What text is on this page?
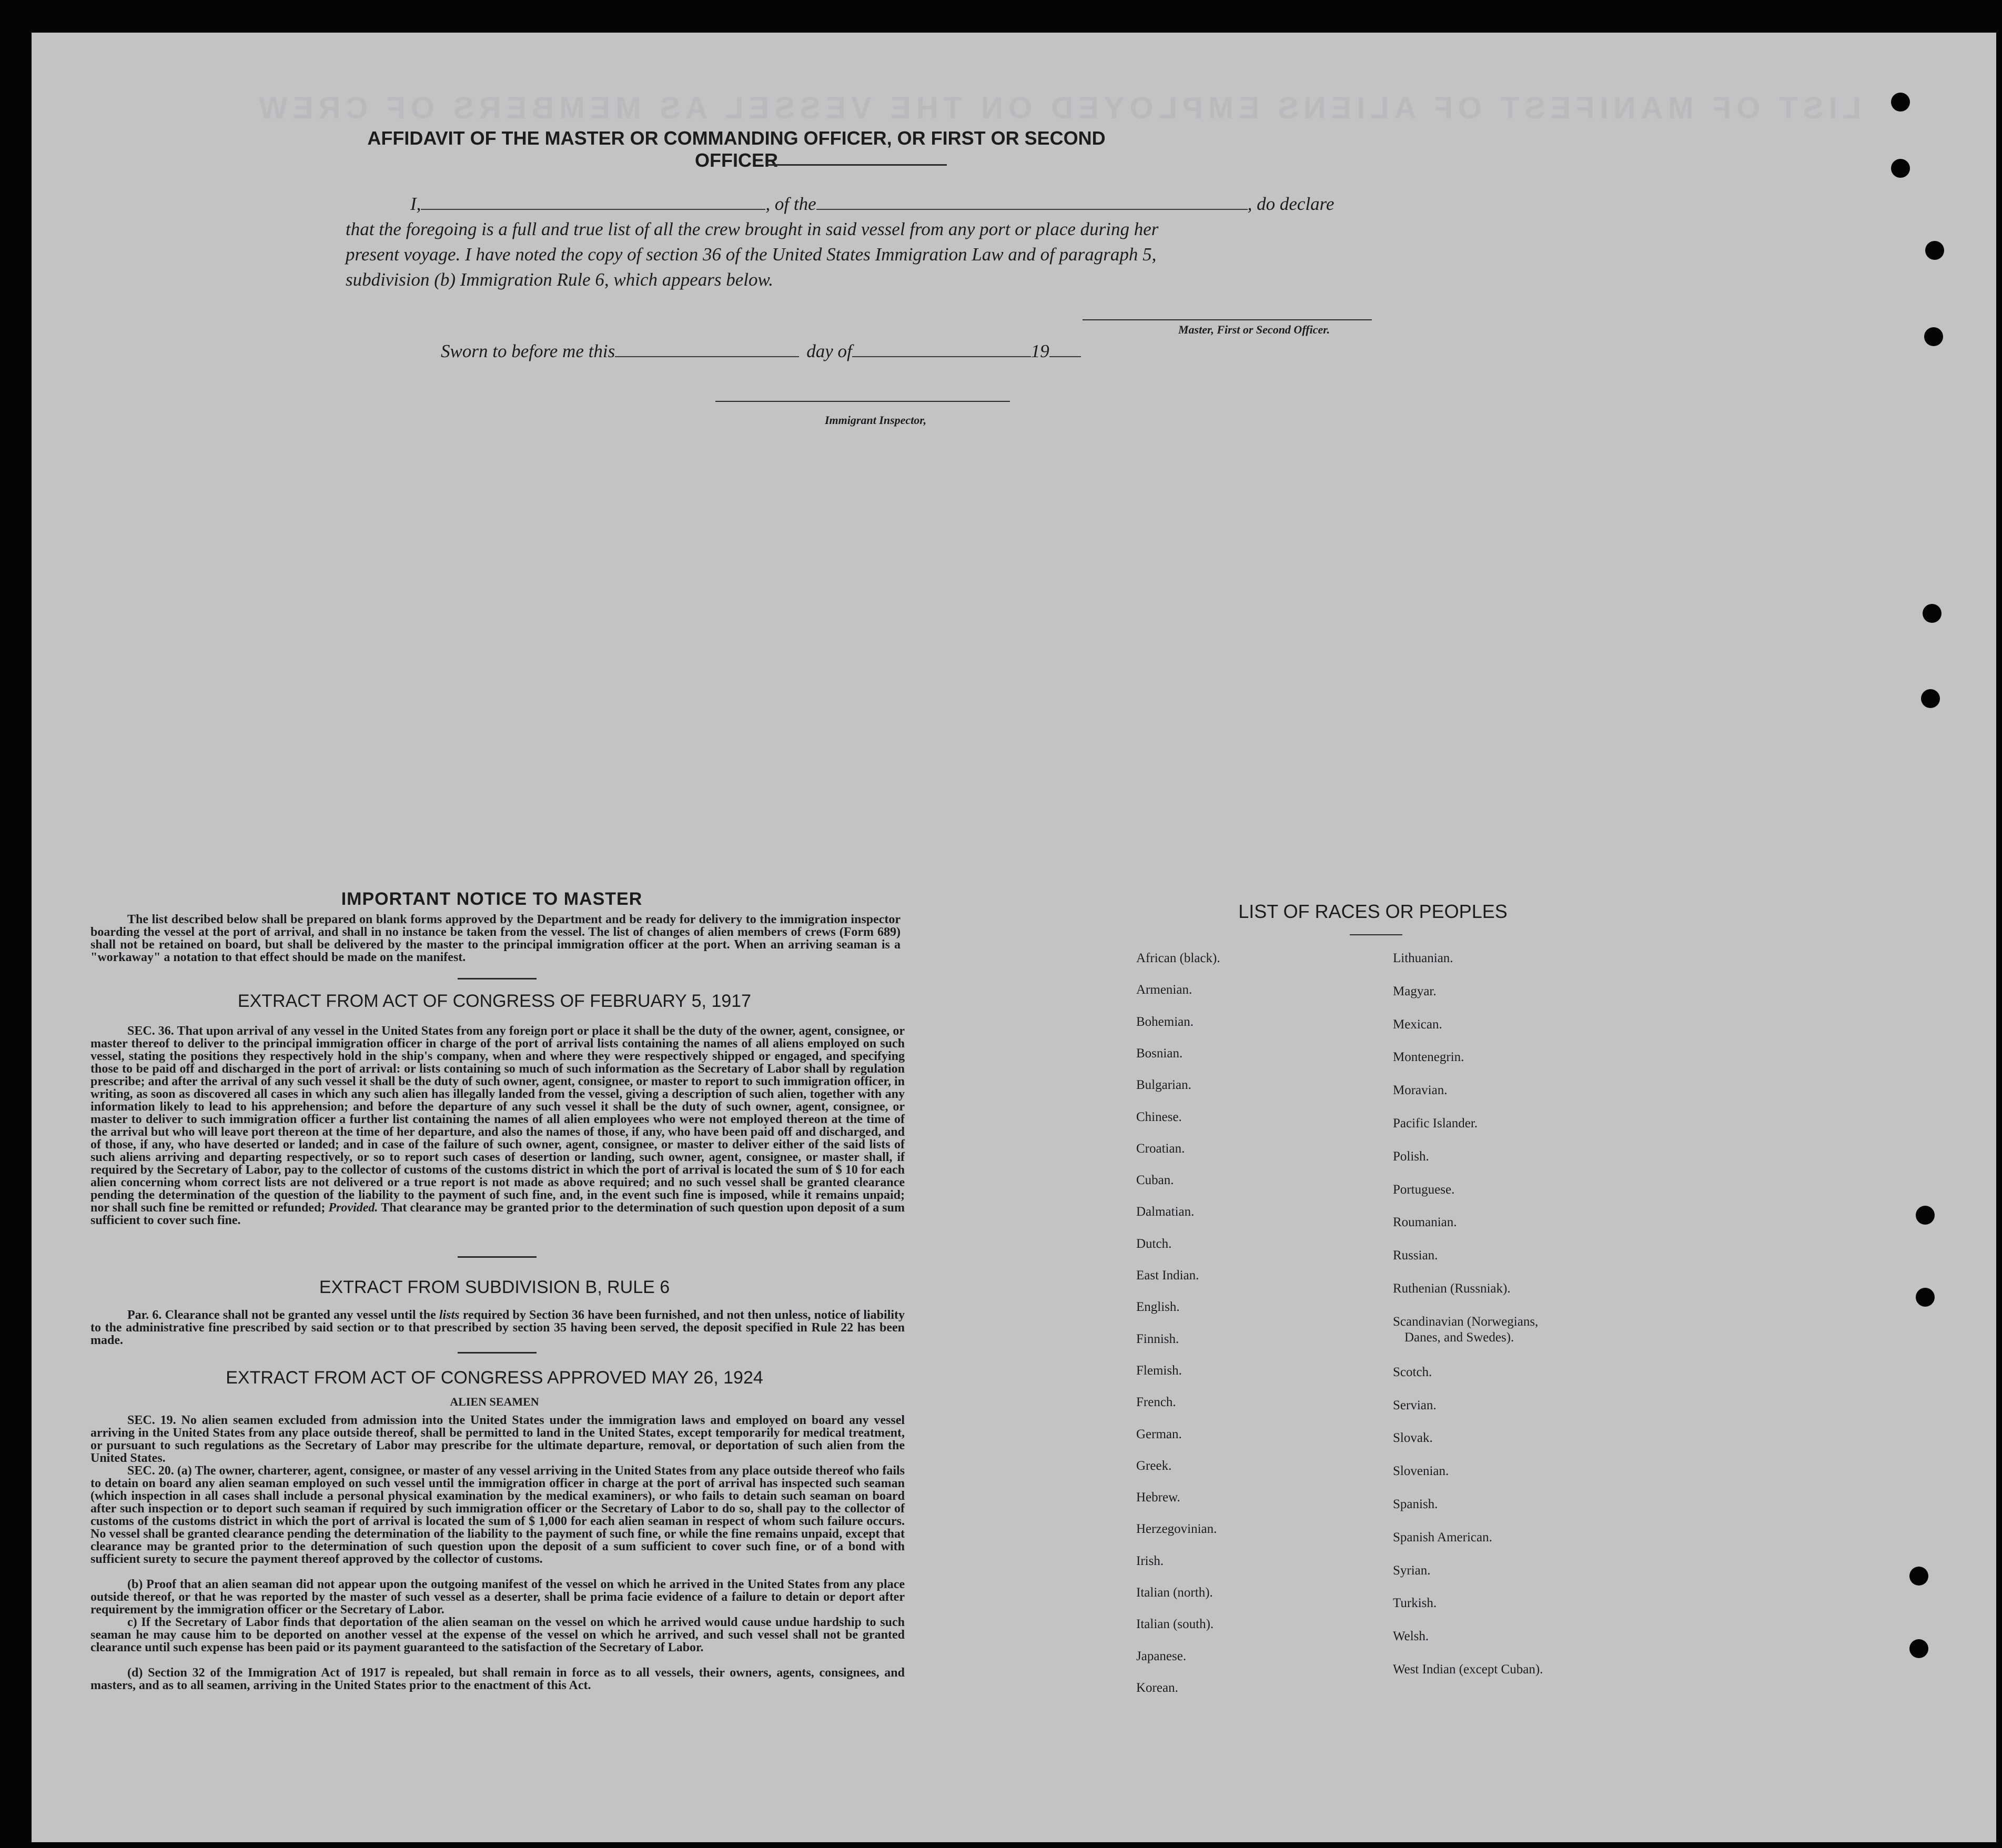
LIST OF MANIFEST OF ALIENS EMPLOYED ON THE VESSEL AS MEMBERS OF CREW
AFFIDAVIT OF THE MASTER OR COMMANDING OFFICER, OR FIRST OR SECOND OFFICER
I,	, of the	, do declare
that the foregoing is a full and true list of all the crew brought in said vessel from any port or place during her
present voyage. I have noted the copy of section 36 of the United States Immigration Law and of paragraph 5,
subdivision (b) Immigration Rule 6, which appears below.
Master, First or Second Officer.
Sworn to before me this	day of	19
Immigrant Inspector,
IMPORTANT NOTICE TO MASTER
The list described below shall be prepared on blank forms approved by the Department and be ready for delivery to the immigration inspector boarding the vessel at the port of arrival, and shall in no instance be taken from the vessel. The list of changes of alien members of crews (Form 689) shall not be retained on board, but shall be delivered by the master to the principal immigration officer at the port. When an arriving seaman is a "workaway" a notation to that effect should be made on the manifest.
EXTRACT FROM ACT OF CONGRESS OF FEBRUARY 5, 1917
SEC. 36. That upon arrival of any vessel in the United States from any foreign port or place it shall be the duty of the owner, agent, consignee, or master thereof to deliver to the principal immigration officer in charge of the port of arrival lists containing the names of all aliens employed on such vessel, stating the positions they respectively hold in the ship's company, when and where they were respectively shipped or engaged, and specifying those to be paid off and discharged in the port of arrival: or lists containing so much of such information as the Secretary of Labor shall by regulation prescribe; and after the arrival of any such vessel it shall be the duty of such owner, agent, consignee, or master to report to such immigration officer, in writing, as soon as discovered all cases in which any such alien has illegally landed from the vessel, giving a description of such alien, together with any information likely to lead to his apprehension; and before the departure of any such vessel it shall be the duty of such owner, agent, consignee, or master to deliver to such immigration officer a further list containing the names of all alien employees who were not employed thereon at the time of the arrival but who will leave port thereon at the time of her departure, and also the names of those, if any, who have been paid off and discharged, and of those, if any, who have deserted or landed; and in case of the failure of such owner, agent, consignee, or master to deliver either of the said lists of such aliens arriving and departing respectively, or so to report such cases of desertion or landing, such owner, agent, consignee, or master shall, if required by the Secretary of Labor, pay to the collector of customs of the customs district in which the port of arrival is located the sum of $ 10 for each alien concerning whom correct lists are not delivered or a true report is not made as above required; and no such vessel shall be granted clearance pending the determination of the question of the liability to the payment of such fine, and, in the event such fine is imposed, while it remains unpaid; nor shall such fine be remitted or refunded; Provided. That clearance may be granted prior to the determination of such question upon deposit of a sum sufficient to cover such fine.
EXTRACT FROM SUBDIVISION B, RULE 6
Par. 6. Clearance shall not be granted any vessel until the lists required by Section 36 have been furnished, and not then unless, notice of liability to the administrative fine prescribed by said section or to that prescribed by section 35 having been served, the deposit specified in Rule 22 has been made.
EXTRACT FROM ACT OF CONGRESS APPROVED MAY 26, 1924
ALIEN SEAMEN
SEC. 19. No alien seamen excluded from admission into the United States under the immigration laws and employed on board any vessel arriving in the United States from any place outside thereof, shall be permitted to land in the United States, except temporarily for medical treatment, or pursuant to such regulations as the Secretary of Labor may prescribe for the ultimate departure, removal, or deportation of such alien from the United States.
SEC. 20. (a) The owner, charterer, agent, consignee, or master of any vessel arriving in the United States from any place outside thereof who fails to detain on board any alien seaman employed on such vessel until the immigration officer in charge at the port of arrival has inspected such seaman (which inspection in all cases shall include a personal physical examination by the medical examiners), or who fails to detain such seaman on board after such inspection or to deport such seaman if required by such immigration officer or the Secretary of Labor to do so, shall pay to the collector of customs of the customs district in which the port of arrival is located the sum of $ 1,000 for each alien seaman in respect of whom such failure occurs. No vessel shall be granted clearance pending the determination of the liability to the payment of such fine, or while the fine remains unpaid, except that clearance may be granted prior to the determination of such question upon the deposit of a sum sufficient to cover such fine, or of a bond with sufficient surety to secure the payment thereof approved by the collector of customs.
(b) Proof that an alien seaman did not appear upon the outgoing manifest of the vessel on which he arrived in the United States from any place outside thereof, or that he was reported by the master of such vessel as a deserter, shall be prima facie evidence of a failure to detain or deport after requirement by the immigration officer or the Secretary of Labor.
c) If the Secretary of Labor finds that deportation of the alien seaman on the vessel on which he arrived would cause undue hardship to such seaman he may cause him to be deported on another vessel at the expense of the vessel on which he arrived, and such vessel shall not be granted clearance until such expense has been paid or its payment guaranteed to the satisfaction of the Secretary of Labor.
(d) Section 32 of the Immigration Act of 1917 is repealed, but shall remain in force as to all vessels, their owners, agents, consignees, and masters, and as to all seamen, arriving in the United States prior to the enactment of this Act.
LIST OF RACES OR PEOPLES
African (black).
Armenian.
Bohemian.
Bosnian.
Bulgarian.
Chinese.
Croatian.
Cuban.
Dalmatian.
Dutch.
East Indian.
English.
Finnish.
Flemish.
French.
German.
Greek.
Hebrew.
Herzegovinian.
Irish.
Italian (north).
Italian (south).
Japanese.
Korean.
Lithuanian.
Magyar.
Mexican.
Montenegrin.
Moravian.
Pacific Islander.
Polish.
Portuguese.
Roumanian.
Russian.
Ruthenian (Russniak).
Scandinavian (Norwegians,
Danes, and Swedes).
Scotch.
Servian.
Slovak.
Slovenian.
Spanish.
Spanish American.
Syrian.
Turkish.
Welsh.
West Indian (except Cuban).
